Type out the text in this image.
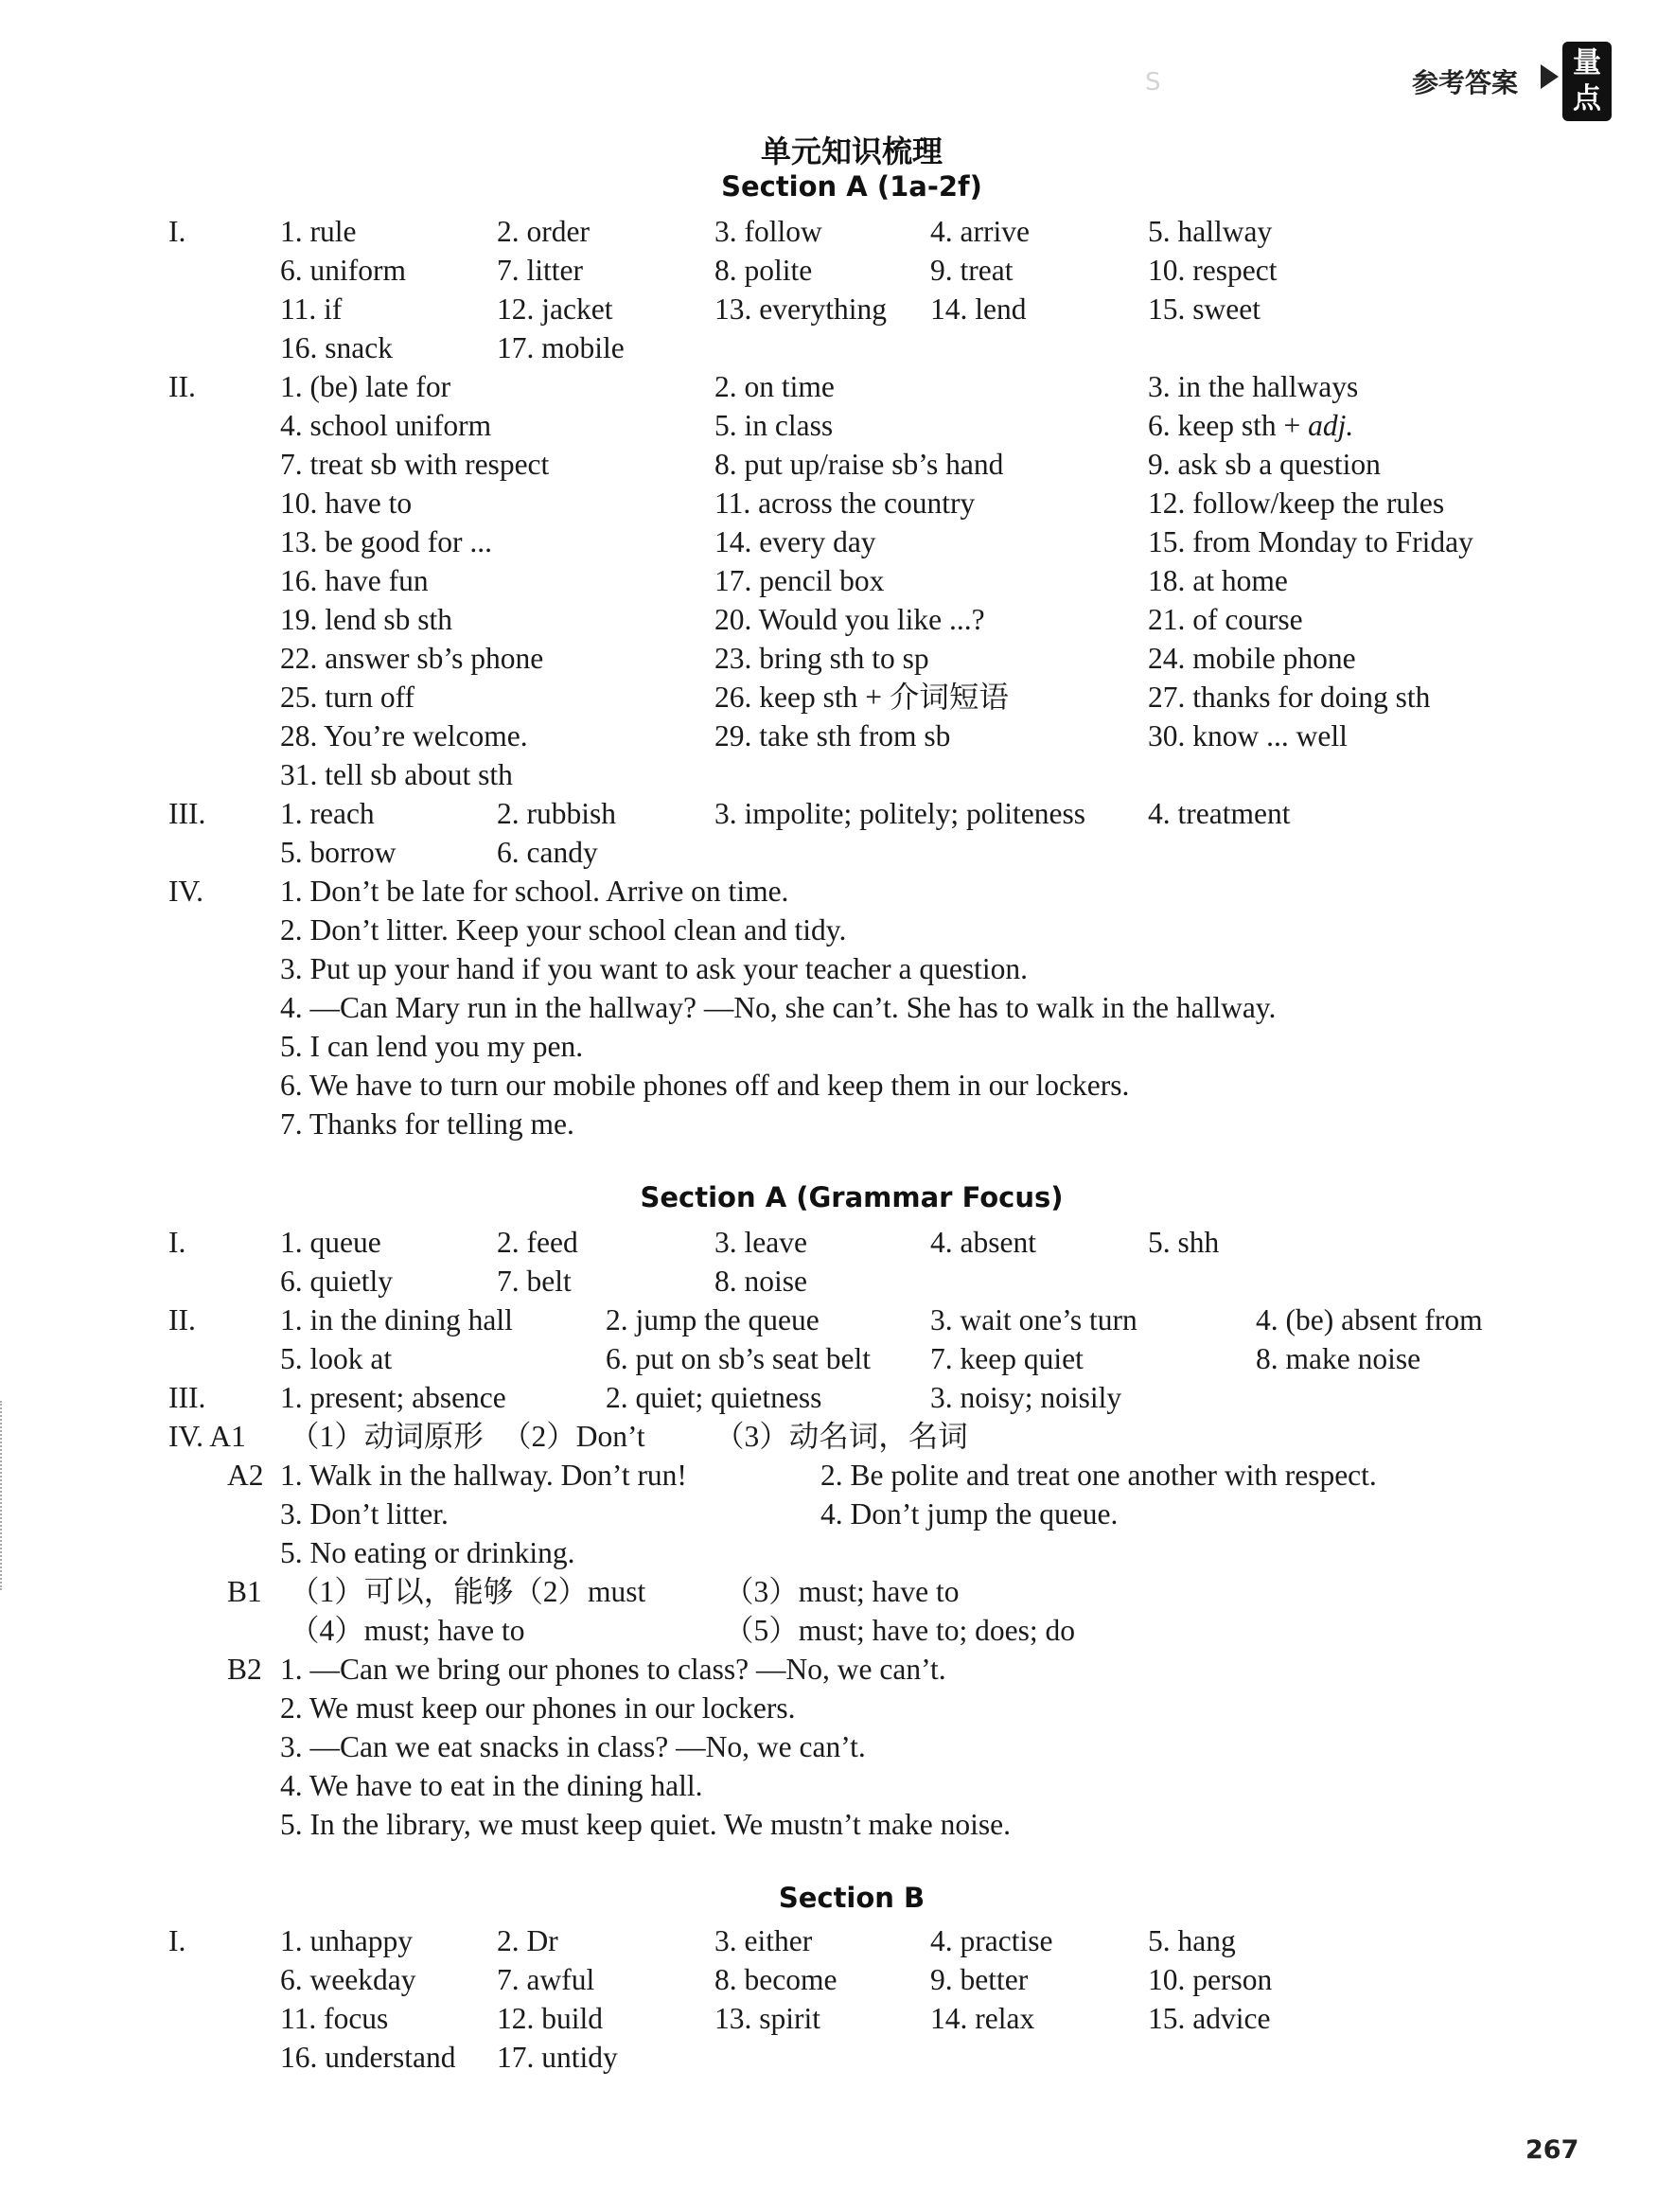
S	参考答案
量
点
单元知识梳理
Section A (1a-2f)
Section A (Grammar Focus)
Section B
I.	1. rule	2. order	3. follow	4. arrive	5. hallway
6. uniform	7. litter	8. polite	9. treat	10. respect
11. if	12. jacket	13. everything 14. lend	15. sweet
16. snack	17. mobile
II.	1. (be) late for	2. on time	3. in the hallways
4. school uniform	5. in class	6. keep sth + adj.
7. treat sb with respect	8. put up/raise sb’s hand	9. ask sb a question
10. have to	11. across the country	12. follow/keep the rules
13. be good for ...	14. every day	15. from Monday to Friday
16. have fun	17. pencil box	18. at home
19. lend sb sth	20. Would you like ...?	21. of course
22. answer sb’s phone	23. bring sth to sp	24. mobile phone
25. turn off	26. keep sth + 介词短语	27. thanks for doing sth
28. You’re welcome.	29. take sth from sb	30. know ... well
31. tell sb about sth
III. 1. reach	2. rubbish	3. impolite; politely; politeness 4. treatment
5. borrow	6. candy
IV.	1. Don’t be late for school. Arrive on time.
2. Don’t litter. Keep your school clean and tidy.
3. Put up your hand if you want to ask your teacher a question.
4. —Can Mary run in the hallway? —No, she can’t. She has to walk in the hallway.
5. I can lend you my pen.
6. We have to turn our mobile phones off and keep them in our lockers.
7. Thanks for telling me.
I.	1. queue	2. feed	3. leave	4. absent	5. shh
6. quietly	7. belt	8. noise
II.	1. in the dining hall	2. jump the queue	3. wait one’s turn	4. (be) absent from
5. look at	6. put on sb’s seat belt 7. keep quiet	8. make noise
III. 1. present; absence	2. quiet; quietness	3. noisy; noisily
IV. A1 （1）动词原形 （2）Don’t （3）动名词，名词
A2 1. Walk in the hallway. Don’t run!	2. Be polite and treat one another with respect.
3. Don’t litter.	4. Don’t jump the queue.
5. No eating or drinking.
B1 （1）可以，能够（2）must	（3）must; have to
（4）must; have to	（5）must; have to; does; do
B2 1. —Can we bring our phones to class? —No, we can’t.
2. We must keep our phones in our lockers.
3. —Can we eat snacks in class? —No, we can’t.
4. We have to eat in the dining hall.
5. In the library, we must keep quiet. We mustn’t make noise.
I.	1. unhappy	2. Dr	3. either	4. practise	5. hang
6. weekday	7. awful	8. become	9. better	10. person
11. focus	12. build	13. spirit	14. relax	15. advice
16. understand 17. untidy
267
